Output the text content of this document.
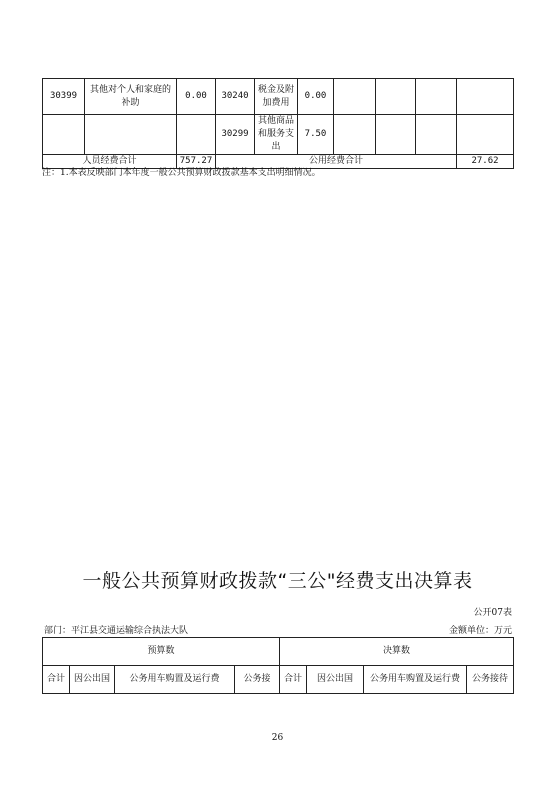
30399	其他对个人和家庭的补助	0.00	30240	税金及附加费用	0.00				
			30299	其他商品和服务支出	7.50				
人员经费合计		757.27	公用经费合计						27.62
注：1.本表反映部门本年度一般公共预算财政拨款基本支出明细情况。
一般公共预算财政拨款“三公"经费支出决算表
公开07表
部门：平江县交通运输综合执法大队	金额单位：万元
预算数				决算数			
合计	因公出国	公务用车购置及运行费	公务接	合计	因公出国	公务用车购置及运行费	公务接待
26
